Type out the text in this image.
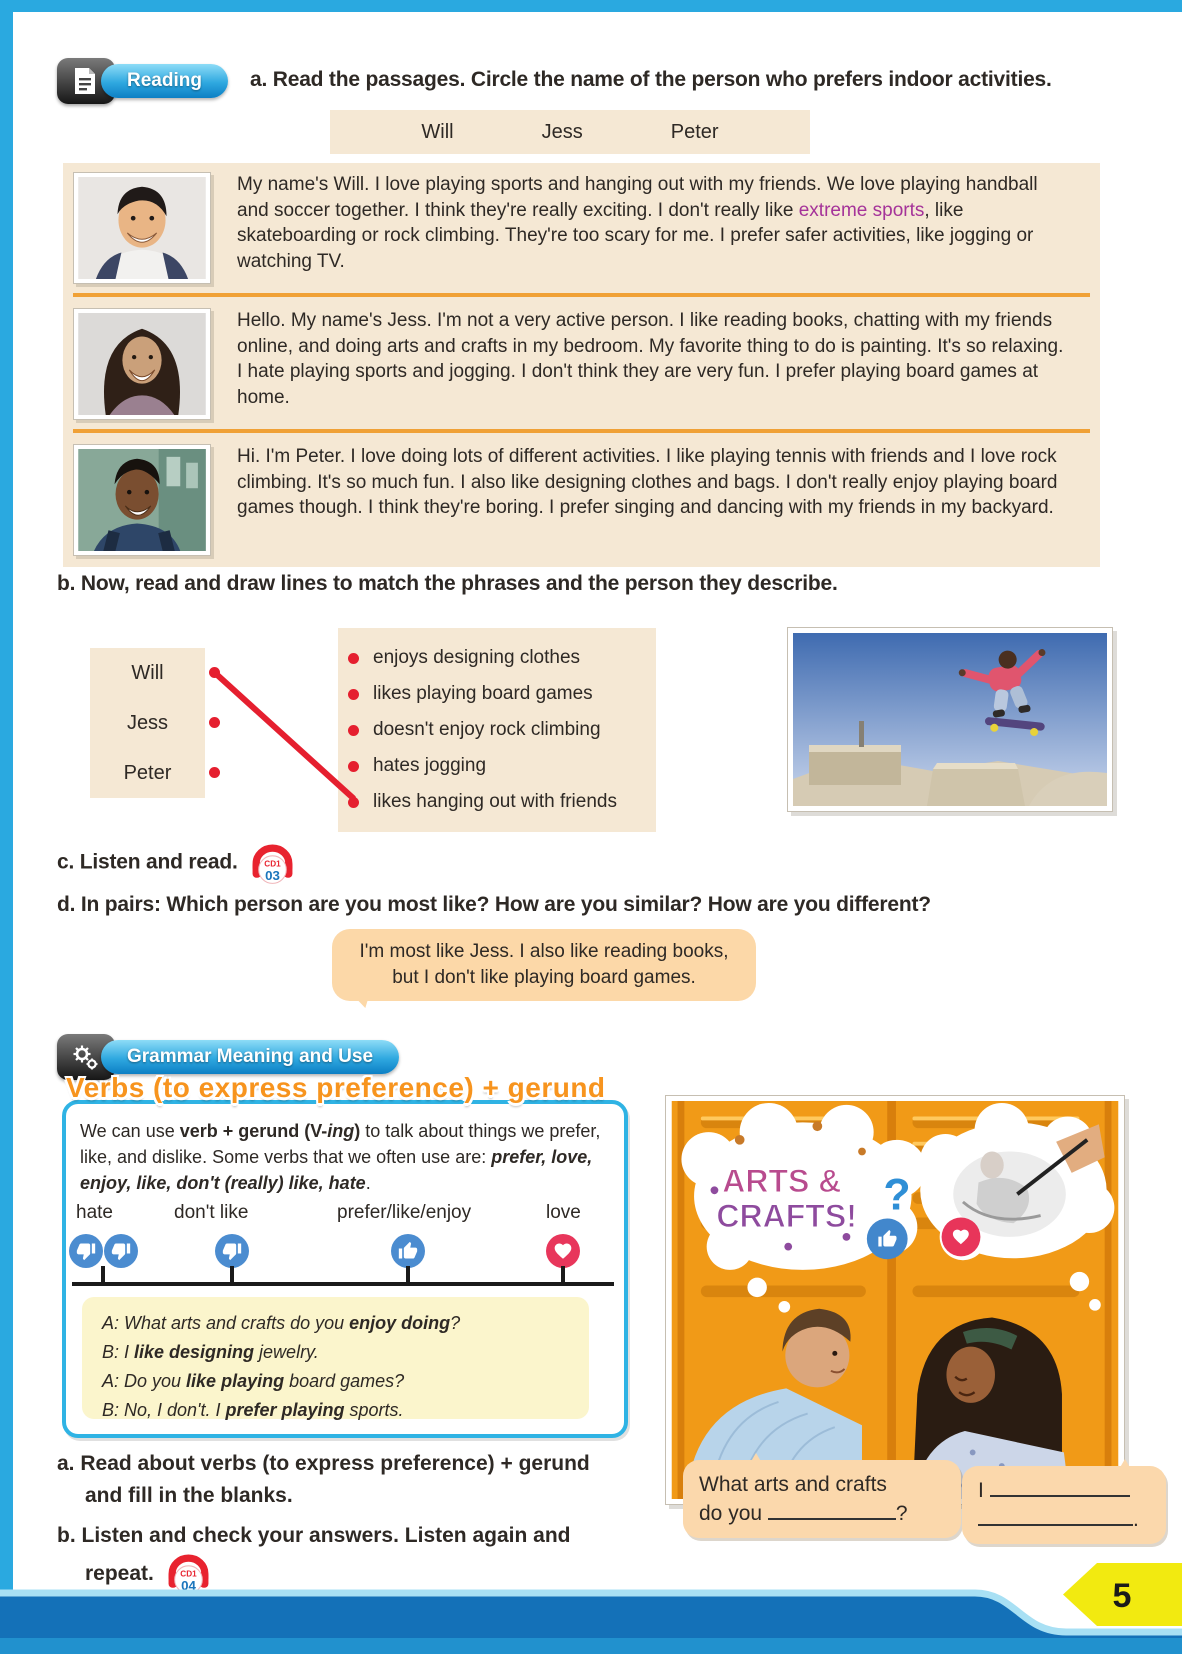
Reading	a. Read the passages. Circle the name of the person who prefers indoor activities.
Will	Jess	Peter
My name's Will. I love playing sports and hanging out with my friends. We love playing handball and soccer together. I think they're really exciting. I don't really like extreme sports, like skateboarding or rock climbing. They're too scary for me. I prefer safer activities, like jogging or watching TV.
Hello. My name's Jess. I'm not a very active person. I like reading books, chatting with my friends online, and doing arts and crafts in my bedroom. My favorite thing to do is painting. It's so relaxing. I hate playing sports and jogging. I don't think they are very fun. I prefer playing board games at home.
Hi. I'm Peter. I love doing lots of different activities. I like playing tennis with friends and I love rock climbing. It's so much fun. I also like designing clothes and bags. I don't really enjoy playing board games though. I think they're boring. I prefer singing and dancing with my friends in my backyard.
b. Now, read and draw lines to match the phrases and the person they describe.
Will
Jess
Peter
enjoys designing clothes
likes playing board games
doesn't enjoy rock climbing
hates jogging
likes hanging out with friends
c. Listen and read.	CD1
03
d. In pairs: Which person are you most like? How are you similar? How are you different?
I'm most like Jess. I also like reading books,
but I don't like playing board games.
Grammar Meaning and Use
Verbs (to express preference) + gerund
We can use verb + gerund (V-ing) to talk about things we prefer, like, and dislike. Some verbs that we often use are: prefer, love, enjoy, like, don't (really) like, hate.
hate	don't like	prefer/like/enjoy	love
A: What arts and crafts do you enjoy doing?
B: I like designing jewelry.
A: Do you like playing board games?
B: No, I don't. I prefer playing sports.
ARTS &
CRAFTS! ?
What arts and crafts
do you	?
I
.
a. Read about verbs (to express preference) + gerund
and fill in the blanks.
b. Listen and check your answers. Listen again and
repeat.	CD1
04	5
